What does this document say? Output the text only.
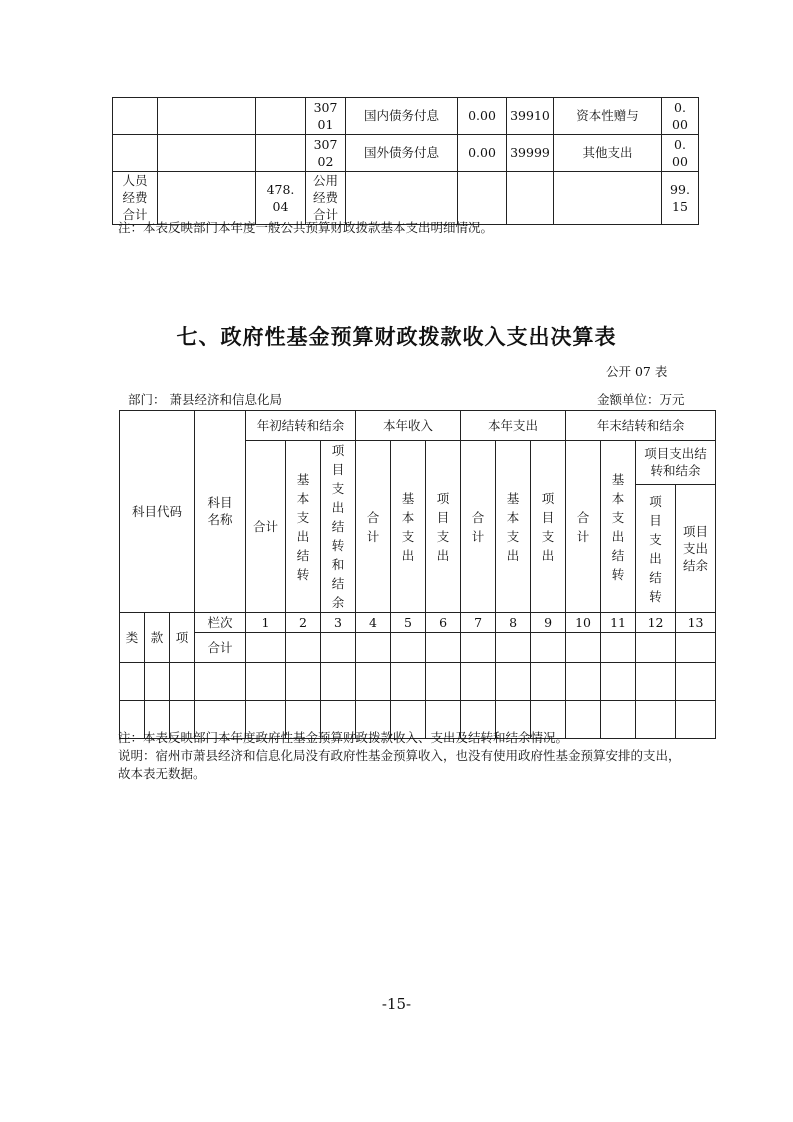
			30701	国内债务付息	0.00	39910	资本性赠与	0.00
			30702	国外债务付息	0.00	39999	其他支出	0.00
人员经费合计		478.04	公用经费合计					99.15
注：本表反映部门本年度一般公共预算财政拨款基本支出明细情况。
七、政府性基金预算财政拨款收入支出决算表
公开 07 表
部门： 萧县经济和信息化局	金额单位：万元
科目代码			科目名称	年初结转和结余			本年收入			本年支出			年末结转和结余			
				合计	基本支出结转	项目支出结转和结余	合计	基本支出	项目支出	合计	基本支出	项目支出	合计	基本支出结转	项目支出结转和结余	
															项目支出结转	项目支出结余
类	款	项	栏次	1	2	3	4	5	6	7	8	9	10	11	12	13
			合计													

注：本表反映部门本年度政府性基金预算财政拨款收入、支出及结转和结余情况。
说明：宿州市萧县经济和信息化局没有政府性基金预算收入，也没有使用政府性基金预算安排的支出，
故本表无数据。
-15-
